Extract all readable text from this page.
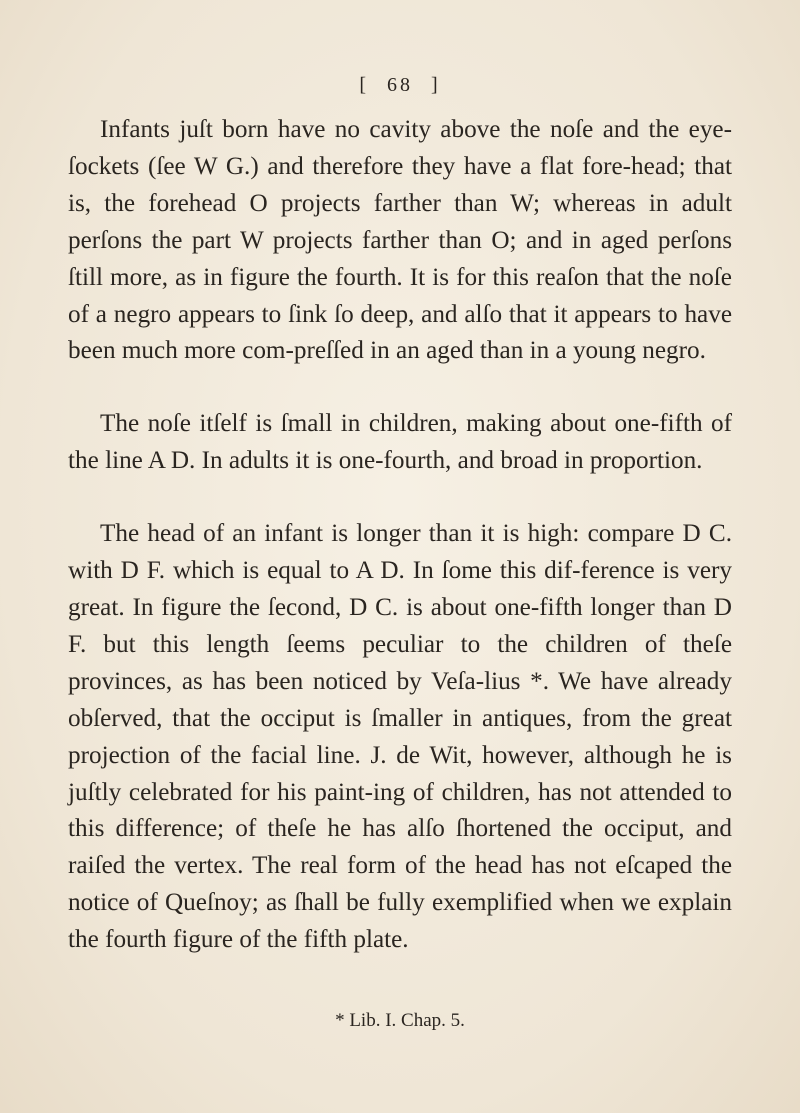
[ 68 ]

Infants juſt born have no cavity above the noſe and the eye-ſockets (ſee W G.) and therefore they have a flat fore-head; that is, the forehead O projects farther than W; whereas in adult perſons the part W projects farther than O; and in aged perſons ſtill more, as in figure the fourth. It is for this reaſon that the noſe of a negro appears to ſink ſo deep, and alſo that it appears to have been much more com-preſſed in an aged than in a young negro.

The noſe itſelf is ſmall in children, making about one-fifth of the line A D. In adults it is one-fourth, and broad in proportion.

The head of an infant is longer than it is high: compare D C. with D F. which is equal to A D. In ſome this dif-ference is very great. In figure the ſecond, D C. is about one-fifth longer than D F. but this length ſeems peculiar to the children of theſe provinces, as has been noticed by Veſa-lius *. We have already obſerved, that the occiput is ſmaller in antiques, from the great projection of the facial line. J. de Wit, however, although he is juſtly celebrated for his paint-ing of children, has not attended to this difference; of theſe he has alſo ſhortened the occiput, and raiſed the vertex. The real form of the head has not eſcaped the notice of Queſnoy; as ſhall be fully exemplified when we explain the fourth figure of the fifth plate.

* Lib. I. Chap. 5.
